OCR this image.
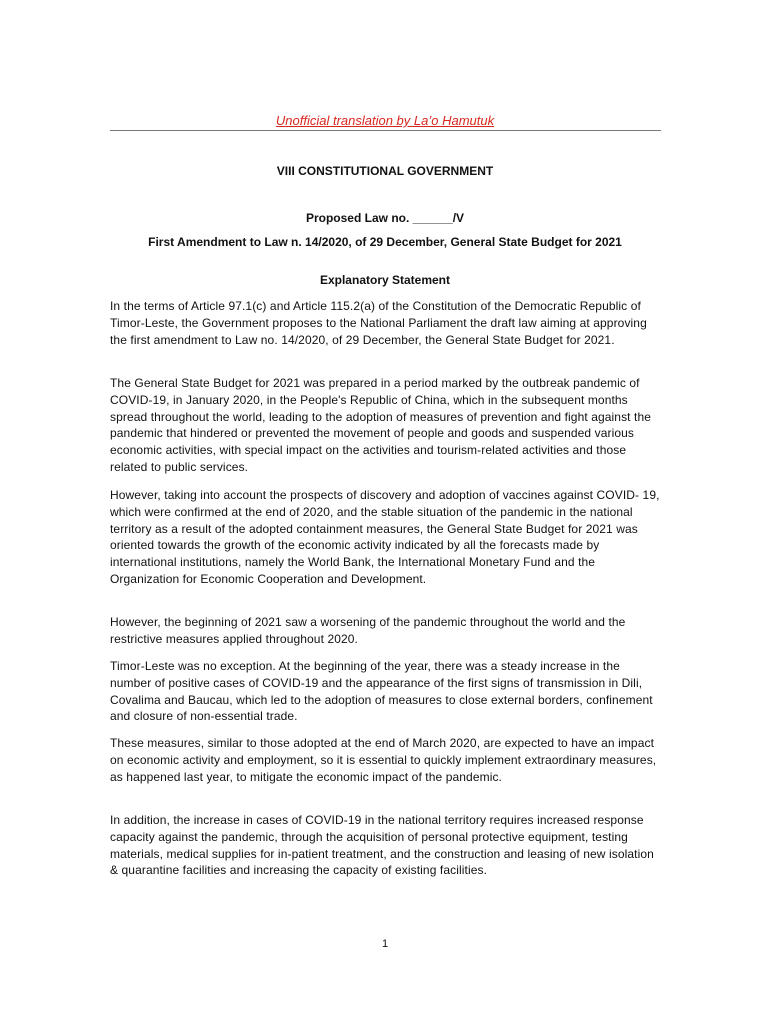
Unofficial translation by La’o Hamutuk
VIII CONSTITUTIONAL GOVERNMENT
Proposed Law no. ______/V
First Amendment to Law n. 14/2020, of 29 December, General State Budget for 2021
Explanatory Statement

In the terms of Article 97.1(c) and Article 115.2(a) of the Constitution of the Democratic Republic of Timor-Leste, the Government proposes to the National Parliament the draft law aiming at approving the first amendment to Law no. 14/2020, of 29 December, the General State Budget for 2021.

The General State Budget for 2021 was prepared in a period marked by the outbreak pandemic of COVID-19, in January 2020, in the People's Republic of China, which in the subsequent months spread throughout the world, leading to the adoption of measures of prevention and fight against the pandemic that hindered or prevented the movement of people and goods and suspended various economic activities, with special impact on the activities and tourism-related activities and those related to public services.

However, taking into account the prospects of discovery and adoption of vaccines against COVID- 19, which were confirmed at the end of 2020, and the stable situation of the pandemic in the national territory as a result of the adopted containment measures, the General State Budget for 2021 was oriented towards the growth of the economic activity indicated by all the forecasts made by international institutions, namely the World Bank, the International Monetary Fund and the Organization for Economic Cooperation and Development.

However, the beginning of 2021 saw a worsening of the pandemic throughout the world and the restrictive measures applied throughout 2020.

Timor-Leste was no exception. At the beginning of the year, there was a steady increase in the number of positive cases of COVID-19 and the appearance of the first signs of transmission in Dili, Covalima and Baucau, which led to the adoption of measures to close external borders, confinement and closure of non-essential trade.

These measures, similar to those adopted at the end of March 2020, are expected to have an impact on economic activity and employment, so it is essential to quickly implement extraordinary measures, as happened last year, to mitigate the economic impact of the pandemic.

In addition, the increase in cases of COVID-19 in the national territory requires increased response capacity against the pandemic, through the acquisition of personal protective equipment, testing materials, medical supplies for in-patient treatment, and the construction and leasing of new isolation & quarantine facilities and increasing the capacity of existing facilities.

1
